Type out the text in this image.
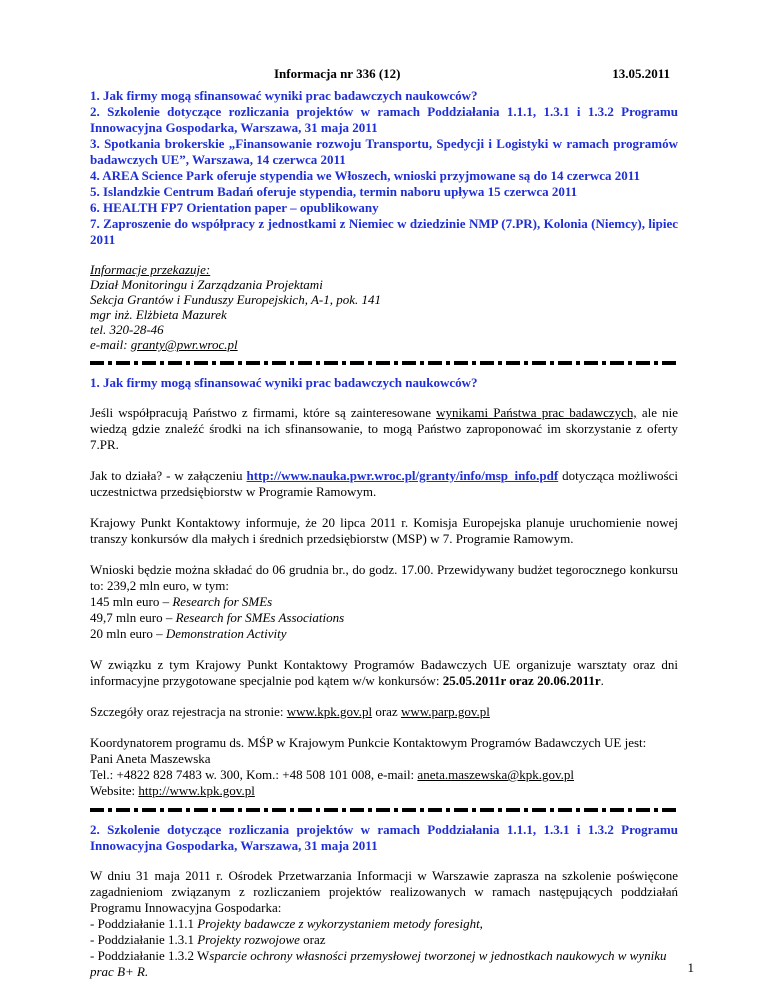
Informacja nr 336 (12)	13.05.2011
1. Jak firmy mogą sfinansować wyniki prac badawczych naukowców?
2. Szkolenie dotyczące rozliczania projektów w ramach Poddziałania 1.1.1, 1.3.1 i 1.3.2 Programu Innowacyjna Gospodarka, Warszawa, 31 maja 2011
3. Spotkania brokerskie „Finansowanie rozwoju Transportu, Spedycji i Logistyki w ramach programów badawczych UE”, Warszawa, 14 czerwca 2011
4. AREA Science Park oferuje stypendia we Włoszech, wnioski przyjmowane są do 14 czerwca 2011
5. Islandzkie Centrum Badań oferuje stypendia, termin naboru upływa 15 czerwca 2011
6. HEALTH FP7 Orientation paper – opublikowany
7. Zaproszenie do współpracy z jednostkami z Niemiec w dziedzinie NMP (7.PR), Kolonia (Niemcy), lipiec 2011
Informacje przekazuje:
Dział Monitoringu i Zarządzania Projektami
Sekcja Grantów i Funduszy Europejskich, A-1, pok. 141
mgr inż. Elżbieta Mazurek
tel. 320-28-46
e-mail: granty@pwr.wroc.pl
1. Jak firmy mogą sfinansować wyniki prac badawczych naukowców?

Jeśli współpracują Państwo z firmami, które są zainteresowane wynikami Państwa prac badawczych, ale nie wiedzą gdzie znaleźć środki na ich sfinansowanie, to mogą Państwo zaproponować im skorzystanie z oferty 7.PR.

Jak to działa? - w załączeniu http://www.nauka.pwr.wroc.pl/granty/info/msp_info.pdf dotycząca możliwości uczestnictwa przedsiębiorstw w Programie Ramowym.

Krajowy Punkt Kontaktowy informuje, że 20 lipca 2011 r. Komisja Europejska planuje uruchomienie nowej transzy konkursów dla małych i średnich przedsiębiorstw (MSP) w 7. Programie Ramowym.

Wnioski będzie można składać do 06 grudnia br., do godz. 17.00. Przewidywany budżet tegorocznego konkursu to: 239,2 mln euro, w tym:
145 mln euro – Research for SMEs
49,7 mln euro – Research for SMEs Associations
20 mln euro – Demonstration Activity

W związku z tym Krajowy Punkt Kontaktowy Programów Badawczych UE organizuje warsztaty oraz dni informacyjne przygotowane specjalnie pod kątem w/w konkursów: 25.05.2011r oraz 20.06.2011r.

Szczegóły oraz rejestracja na stronie: www.kpk.gov.pl oraz www.parp.gov.pl

Koordynatorem programu ds. MŚP w Krajowym Punkcie Kontaktowym Programów Badawczych UE jest:
Pani Aneta Maszewska
Tel.: +4822 828 7483 w. 300, Kom.: +48 508 101 008, e-mail: aneta.maszewska@kpk.gov.pl
Website: http://www.kpk.gov.pl
2. Szkolenie dotyczące rozliczania projektów w ramach Poddziałania 1.1.1, 1.3.1 i 1.3.2 Programu Innowacyjna Gospodarka, Warszawa, 31 maja 2011
W dniu 31 maja 2011 r. Ośrodek Przetwarzania Informacji w Warszawie zaprasza na szkolenie poświęcone zagadnieniom związanym z rozliczaniem projektów realizowanych w ramach następujących poddziałań Programu Innowacyjna Gospodarka:
- Poddziałanie 1.1.1 Projekty badawcze z wykorzystaniem metody foresight,
- Poddziałanie 1.3.1 Projekty rozwojowe oraz
- Poddziałanie 1.3.2 Wsparcie ochrony własności przemysłowej tworzonej w jednostkach naukowych w wyniku prac B+ R.	1
